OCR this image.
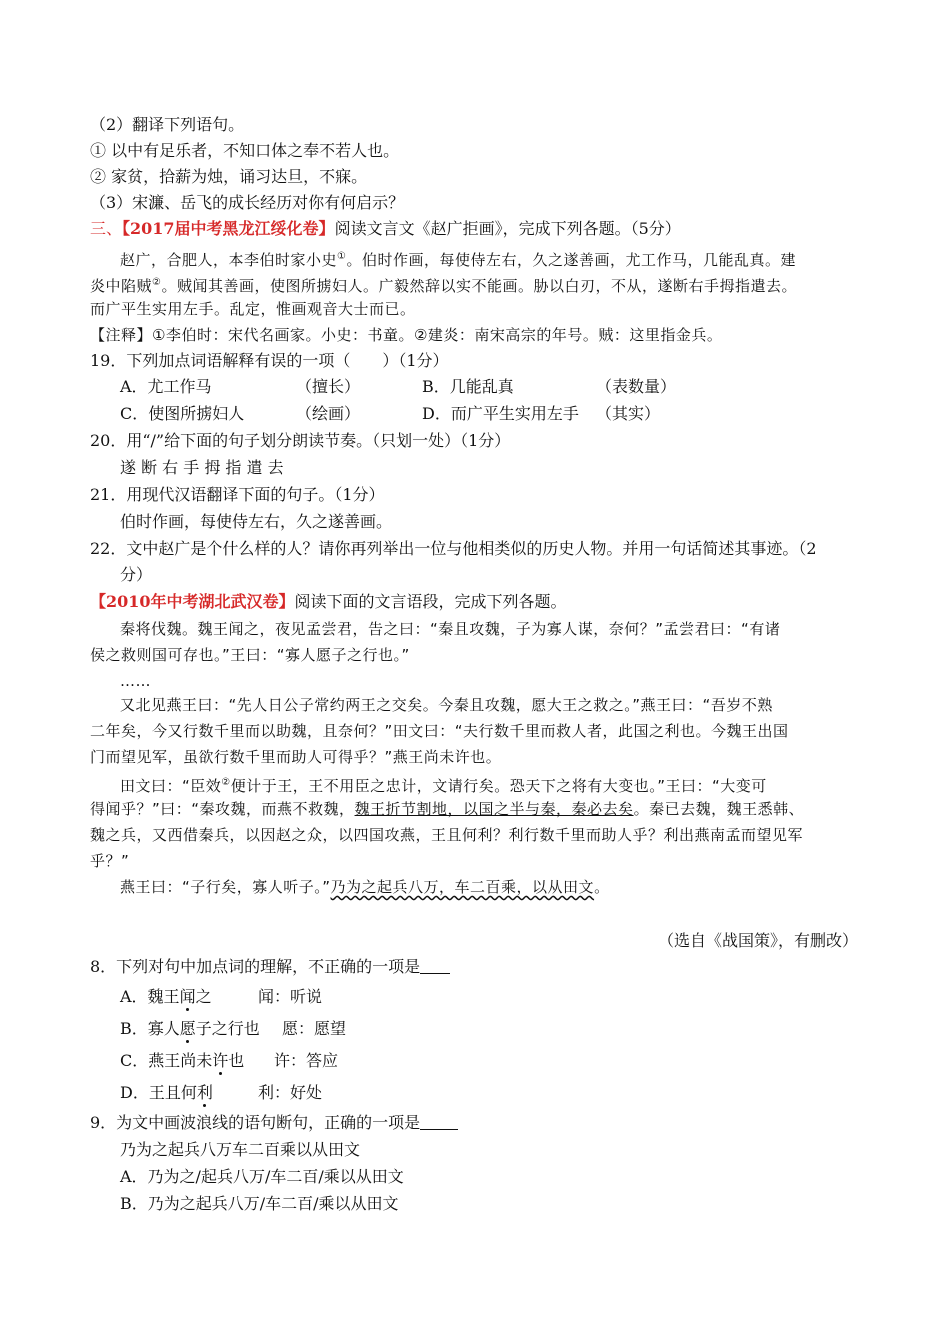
（2）翻译下列语句。
① 以中有足乐者，不知口体之奉不若人也。
② 家贫，拾薪为烛，诵习达旦，不寐。
（3）宋濂、岳飞的成长经历对你有何启示？
三、【2017届中考黑龙江绥化卷】阅读文言文《赵广拒画》，完成下列各题。（5分）
赵广，合肥人，本李伯时家小史①。伯时作画，每使侍左右，久之遂善画，尤工作马，几能乱真。建
炎中陷贼②。贼闻其善画，使图所掳妇人。广毅然辞以实不能画。胁以白刃，不从，遂断右手拇指遣去。
而广平生实用左手。乱定，惟画观音大士而已。
【注释】①李伯时：宋代名画家。小史：书童。②建炎：南宋高宗的年号。贼：这里指金兵。
19．下列加点词语解释有误的一项（　　）（1分）
A．尤工作马	（擅长）	B．几能乱真	（表数量）
C．使图所掳妇人	（绘画）	D．而广平生实用左手 （其实）
20．用“/”给下面的句子划分朗读节奏。（只划一处）（1分）
遂 断 右 手 拇 指 遣 去
21．用现代汉语翻译下面的句子。（1分）
伯时作画，每使侍左右，久之遂善画。
22．文中赵广是个什么样的人？请你再列举出一位与他相类似的历史人物。并用一句话简述其事迹。（2
分）
【2010年中考湖北武汉卷】阅读下面的文言语段，完成下列各题。
秦将伐魏。魏王闻之，夜见孟尝君，告之曰：“秦且攻魏，子为寡人谋，奈何？”孟尝君曰：“有诸
侯之救则国可存也。”王曰：“寡人愿子之行也。”
……
又北见燕王曰：“先人日公子常约两王之交矣。今秦且攻魏，愿大王之救之。”燕王曰：“吾岁不熟
二年矣，今又行数千里而以助魏，且奈何？”田文曰：“夫行数千里而救人者，此国之利也。今魏王出国
门而望见军，虽欲行数千里而助人可得乎？”燕王尚未许也。
田文曰：“臣效②便计于王，王不用臣之忠计，文请行矣。恐天下之将有大变也。”王曰：“大变可
得闻乎？”曰：“秦攻魏，而燕不救魏，魏王折节割地，以国之半与秦，秦必去矣。秦已去魏，魏王悉韩、
魏之兵，又西借秦兵，以因赵之众，以四国攻燕，王且何利？利行数千里而助人乎？利出燕南孟而望见军
乎？”
燕王曰：“子行矣，寡人听子。”乃为之起兵八万，车二百乘，以从田文。
（选自《战国策》，有删改）
8．下列对句中加点词的理解，不正确的一项是
A．魏王闻之	闻：听说
B．寡人愿子之行也 愿：愿望
C．燕王尚未许也 许：答应
D．王且何利	利：好处
9．为文中画波浪线的语句断句，正确的一项是
乃为之起兵八万车二百乘以从田文
A．乃为之/起兵八万/车二百/乘以从田文
B．乃为之起兵八万/车二百/乘以从田文
